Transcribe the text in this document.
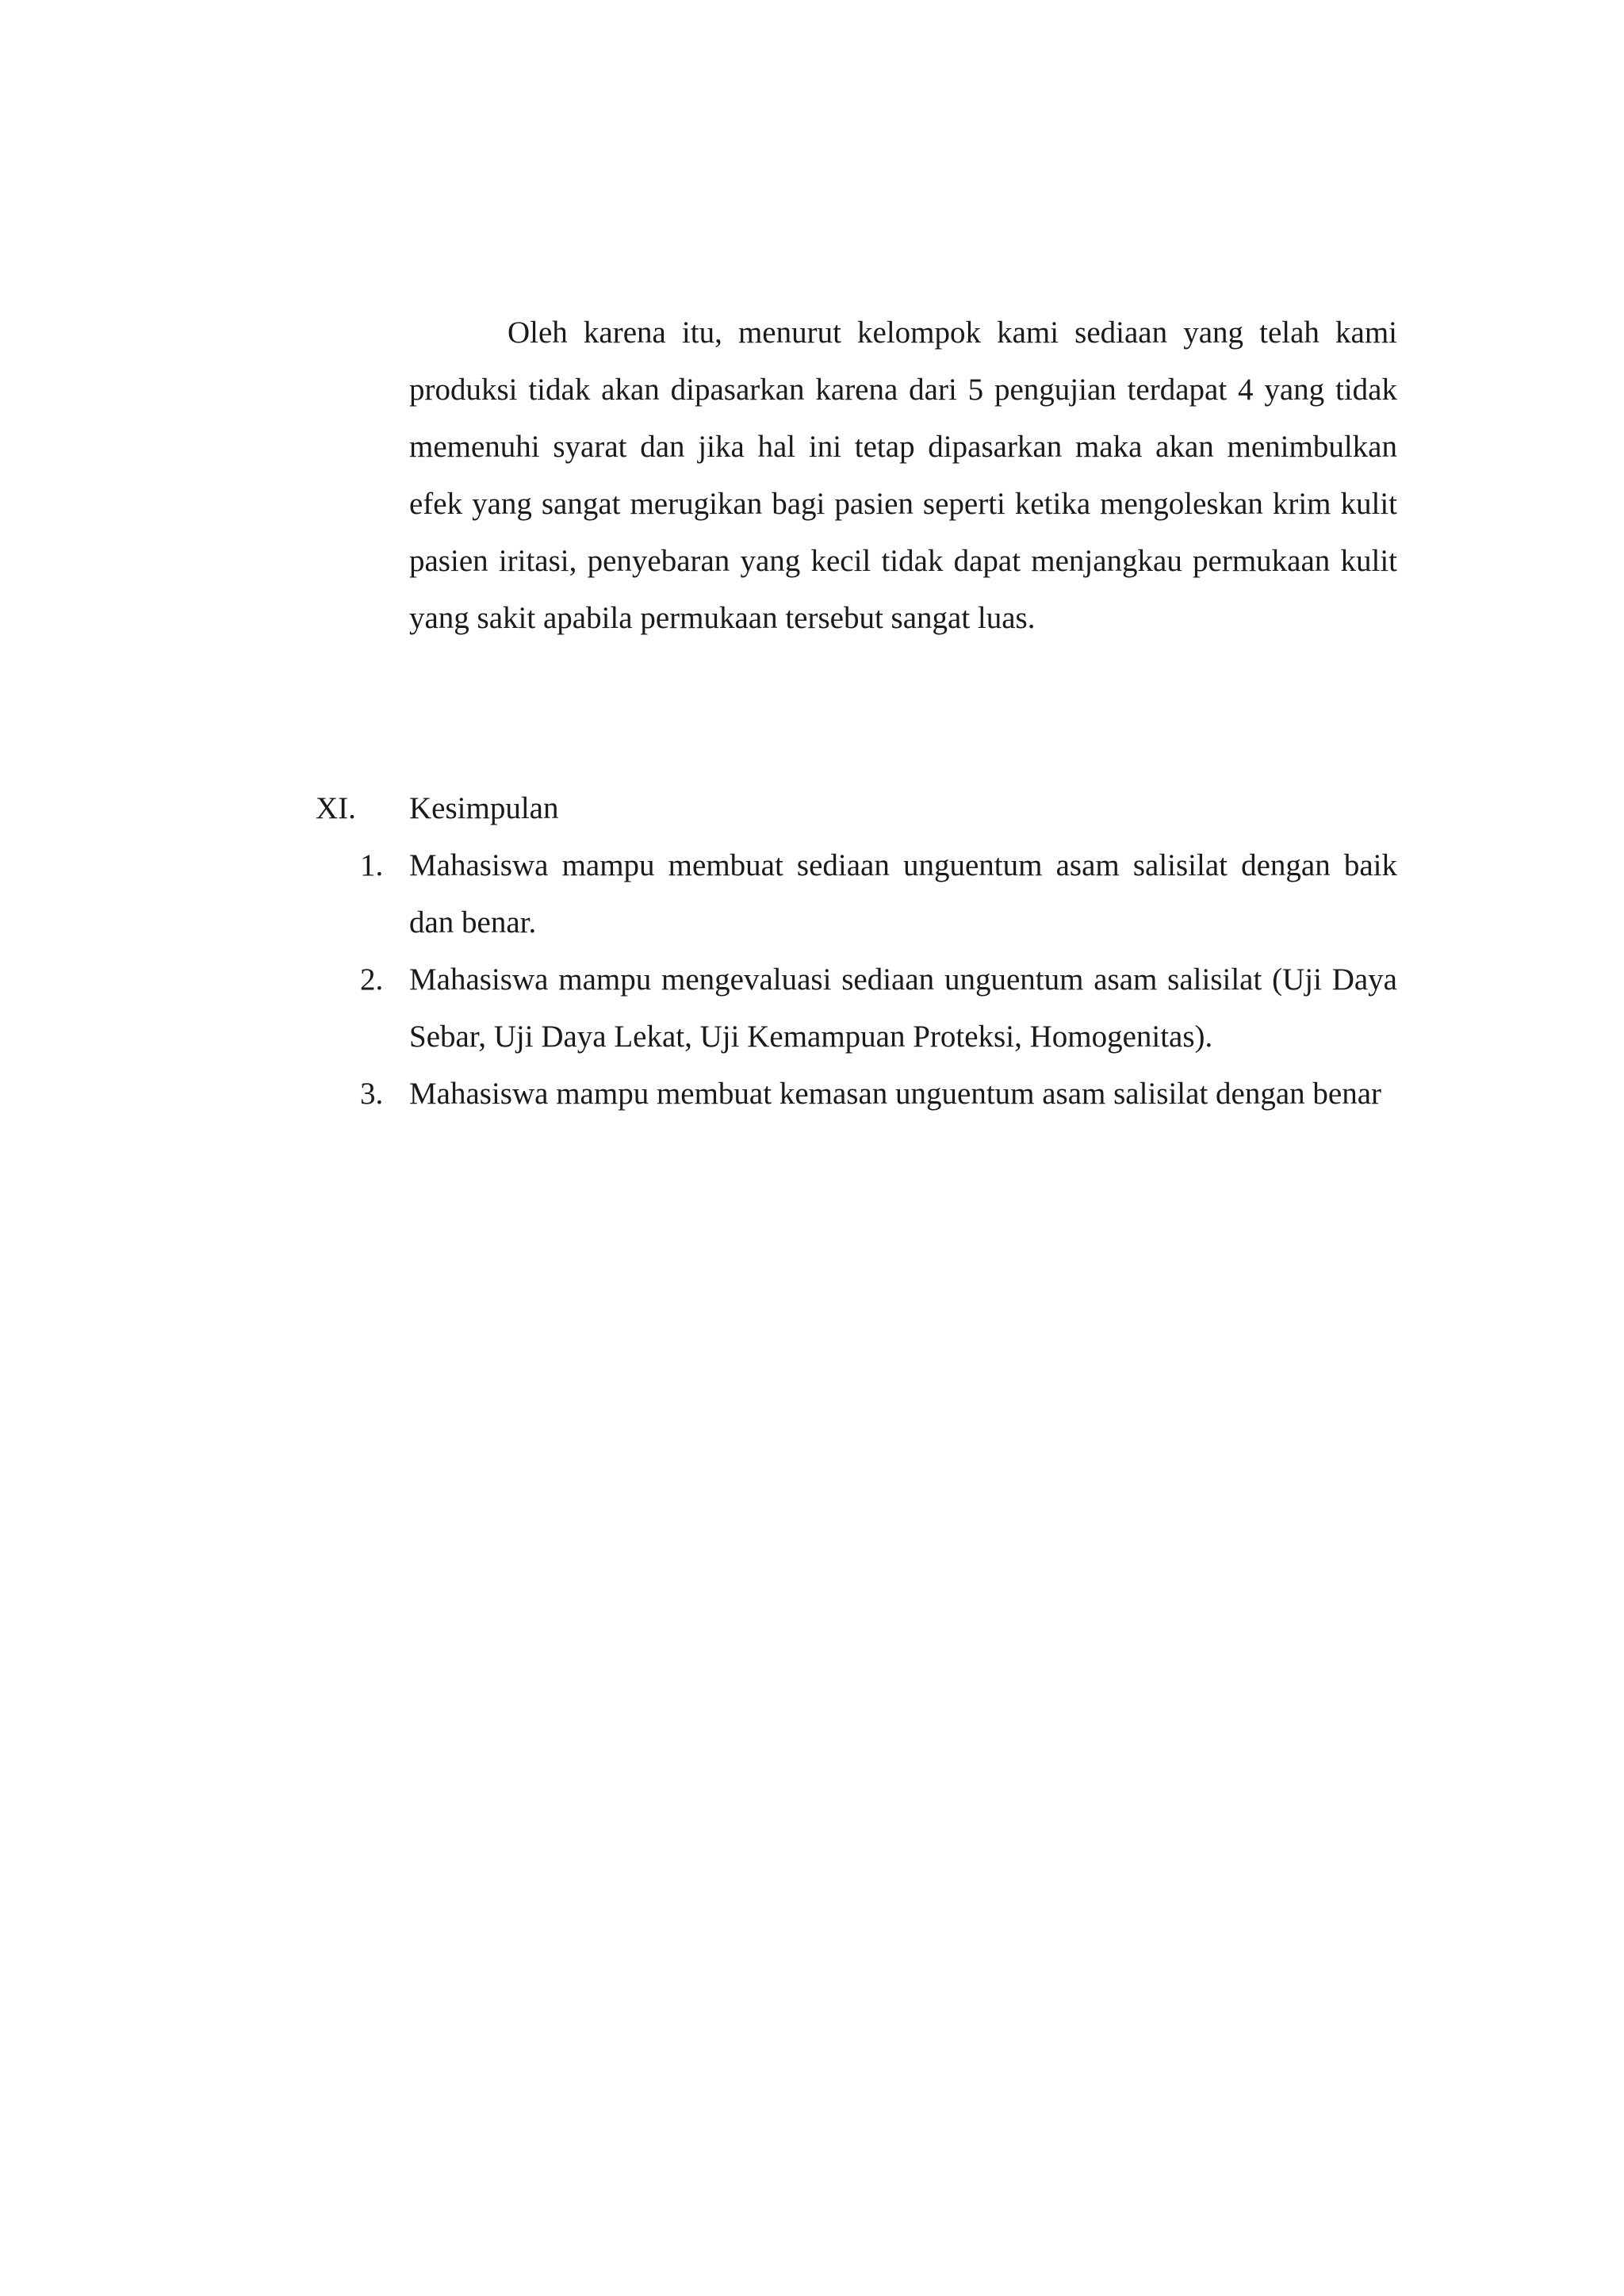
Oleh karena itu, menurut kelompok kami sediaan yang telah kami produksi tidak akan dipasarkan karena dari 5 pengujian terdapat 4 yang tidak memenuhi syarat dan jika hal ini tetap dipasarkan maka akan menimbulkan efek yang sangat merugikan bagi pasien seperti ketika mengoleskan krim kulit pasien iritasi, penyebaran yang kecil tidak dapat menjangkau permukaan kulit yang sakit apabila permukaan tersebut sangat luas.

XI. Kesimpulan
1. Mahasiswa mampu membuat sediaan unguentum asam salisilat dengan baik dan benar.
2. Mahasiswa mampu mengevaluasi sediaan unguentum asam salisilat (Uji Daya Sebar, Uji Daya Lekat, Uji Kemampuan Proteksi, Homogenitas).
3. Mahasiswa mampu membuat kemasan unguentum asam salisilat dengan benar
